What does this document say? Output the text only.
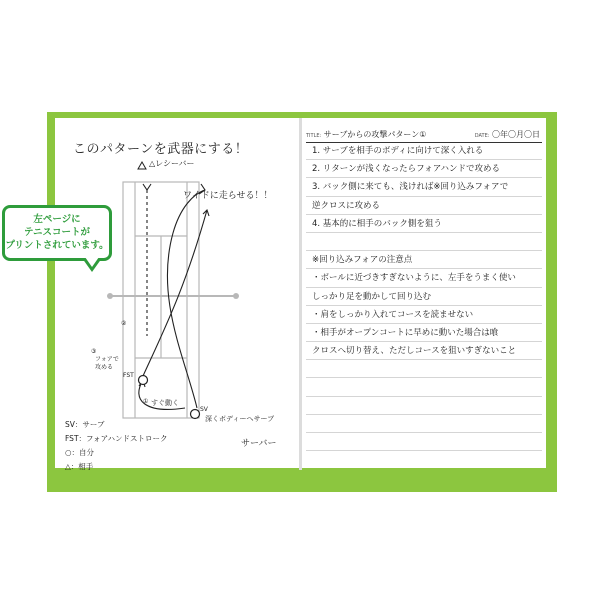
このパターンを武器にする！
△レシーバー
ワイドに走らせる！！
②
③
フォアで
攻める
FST
① すぐ動く
SV
深くボディーへサーブ
SV：サーブ
FST：フォアハンドストローク
○：自分
△：相手
サーバー
TITLE: サーブからの攻撃パターン①	DATE: 〇年〇月〇日
1. サーブを相手のボディに向けて深く入れる
2. リターンが浅くなったらフォアハンドで攻める
3. バック側に来ても、浅ければ※回り込みフォアで
逆クロスに攻める
4. 基本的に相手のバック側を狙う
※回り込みフォアの注意点
・ボールに近づきすぎないように、左手をうまく使い
しっかり足を動かして回り込む
・肩をしっかり入れてコースを読ませない
・相手がオープンコートに早めに動いた場合は喰
クロスへ切り替え、ただしコースを狙いすぎないこと
左ページに
テニスコートが
プリントされています。
